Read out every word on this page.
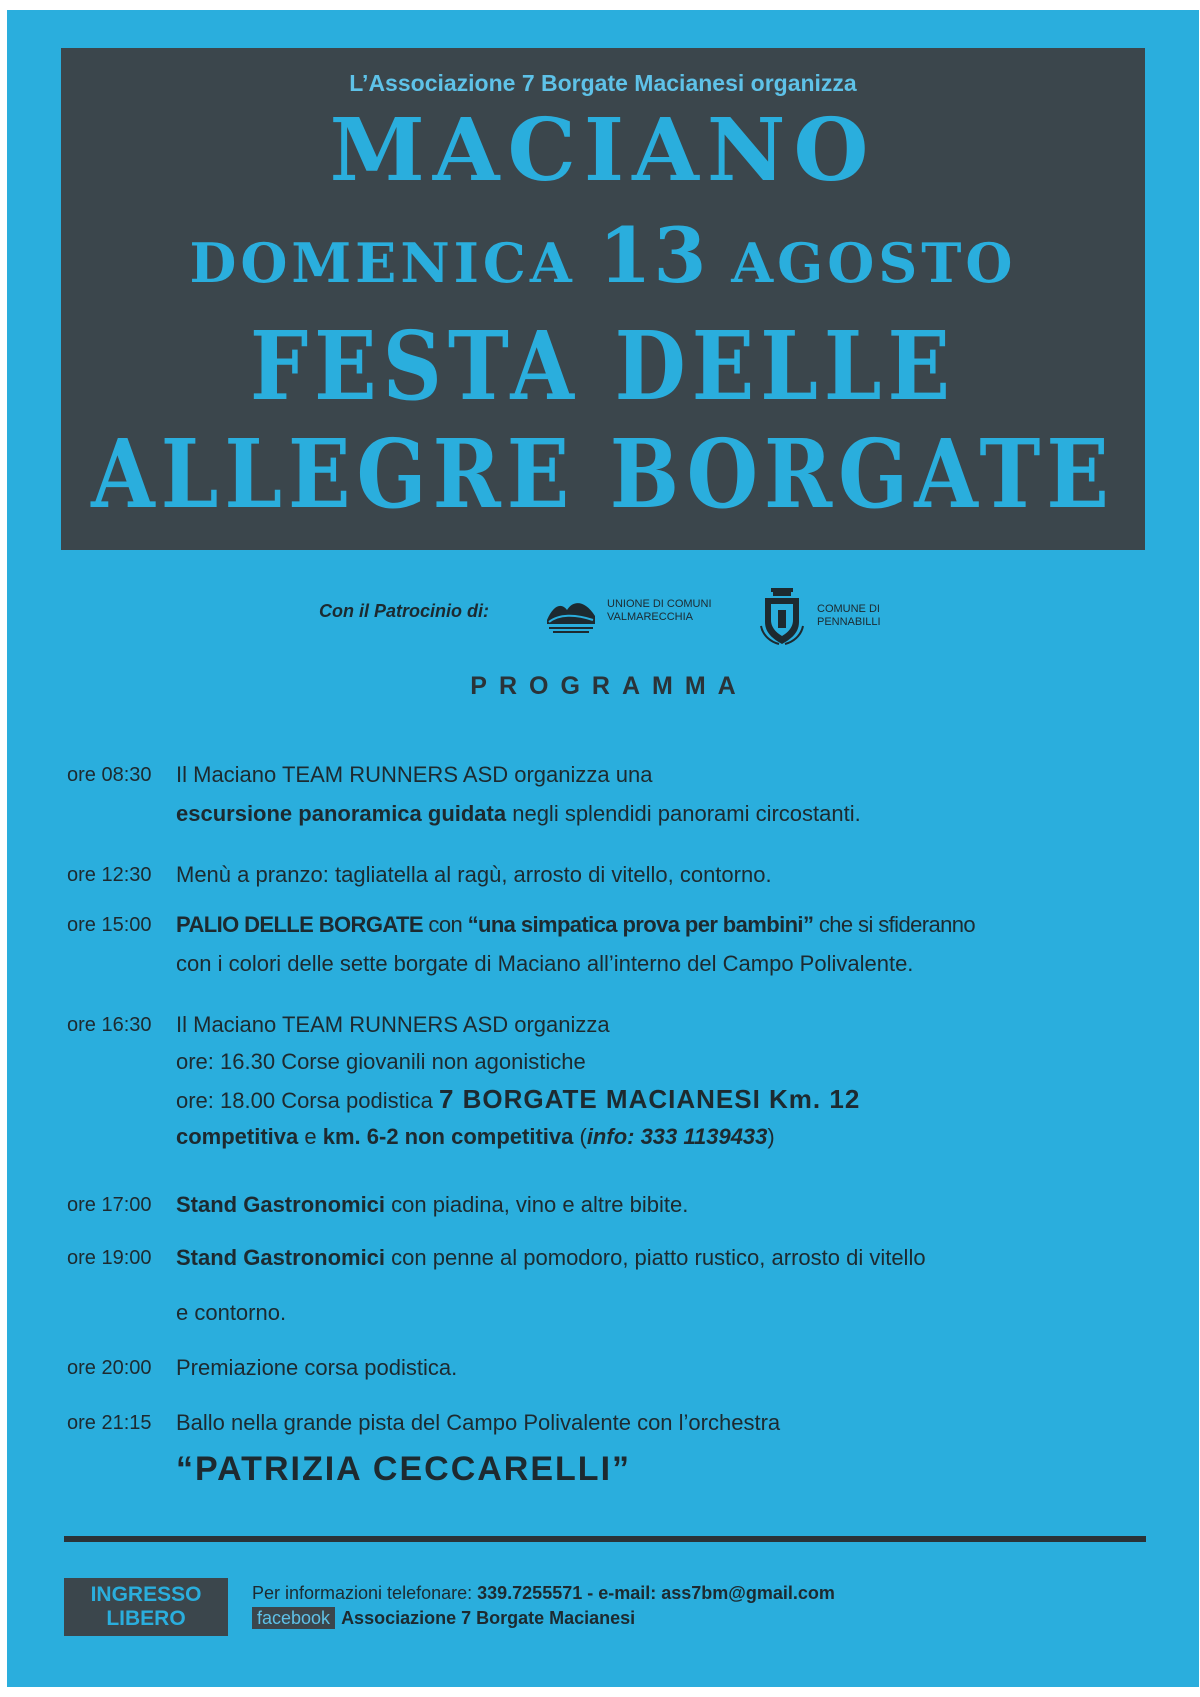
L’Associazione 7 Borgate Macianesi organizza
MACIANO
DOMENICA 13 AGOSTO
FESTA DELLE
ALLEGRE BORGATE
Con il Patrocinio di:	UNIONE DI COMUNI
VALMARECCHIA
COMUNE DI
PENNABILLI
PROGRAMMA
ore 08:30 Il Maciano TEAM RUNNERS ASD organizza una
escursione panoramica guidata negli splendidi panorami circostanti.
ore 12:30 Menù a pranzo: tagliatella al ragù, arrosto di vitello, contorno.
ore 15:00 PALIO DELLE BORGATE con “una simpatica prova per bambini” che si sfideranno
con i colori delle sette borgate di Maciano all’interno del Campo Polivalente.
ore 16:30 Il Maciano TEAM RUNNERS ASD organizza
ore: 16.30 Corse giovanili non agonistiche
ore: 18.00 Corsa podistica 7 BORGATE MACIANESI Km. 12
competitiva e km. 6-2 non competitiva (info: 333 1139433)
ore 17:00 Stand Gastronomici con piadina, vino e altre bibite.
ore 19:00 Stand Gastronomici con penne al pomodoro, piatto rustico, arrosto di vitello
e contorno.
ore 20:00 Premiazione corsa podistica.
ore 21:15 Ballo nella grande pista del Campo Polivalente con l’orchestra
“PATRIZIA CECCARELLI”
INGRESSO
LIBERO
Per informazioni telefonare: 339.7255571 - e-mail: ass7bm@gmail.com
facebook Associazione 7 Borgate Macianesi
